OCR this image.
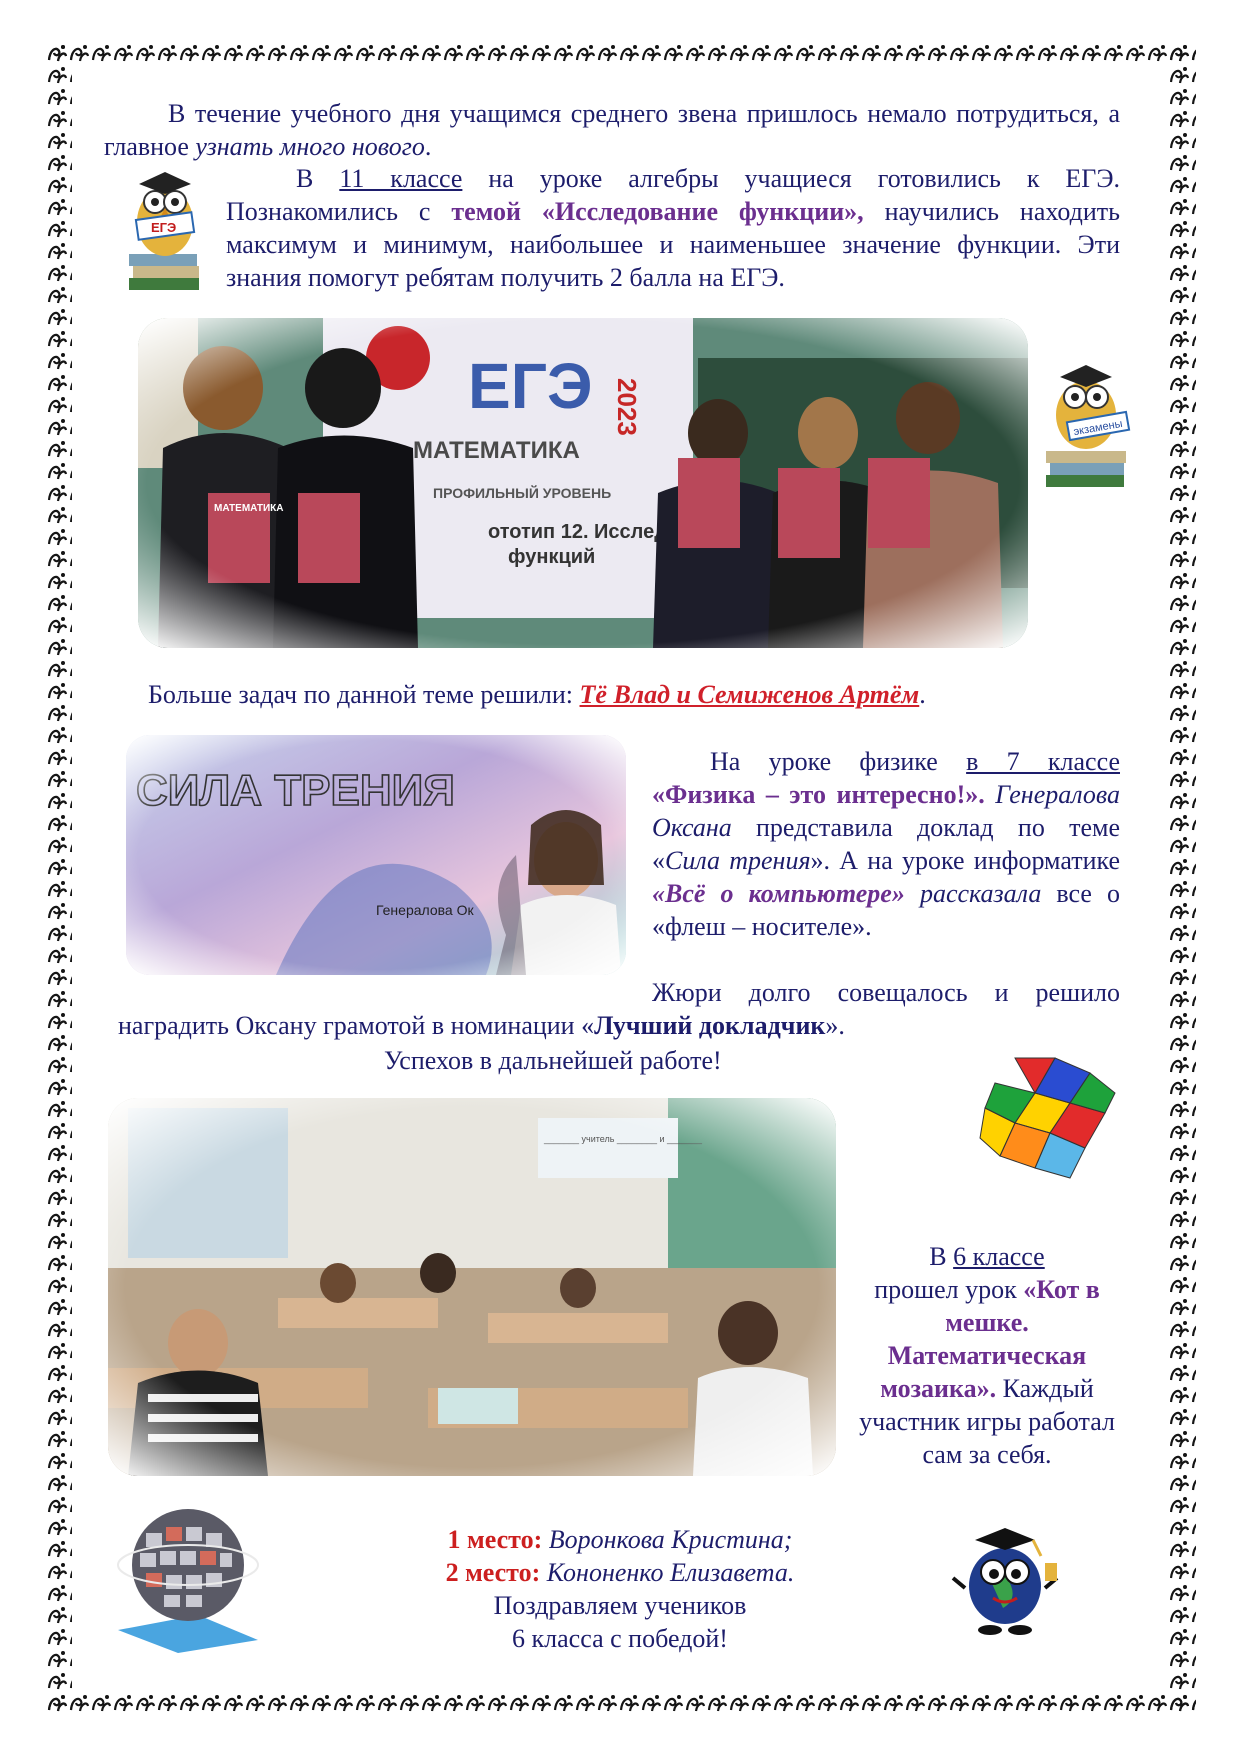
В течение учебного дня учащимся среднего звена пришлось немало потрудиться, а главное узнать много нового.
ЕГЭ
В 11 классе на уроке алгебры учащиеся готовились к ЕГЭ. Познакомились с темой «Исследование функции», научились находить максимум и минимум, наибольшее и наименьшее значение функции. Эти знания помогут ребятам получить 2 балла на ЕГЭ.
экзамены
Больше задач по данной теме решили: Тё Влад и Семиженов Артём.
На уроке физике в 7 классе «Физика – это интересно!». Генералова Оксана представила доклад по теме «Сила трения». А на уроке информатике «Всё о компьютере» рассказала все о «флеш – носителе».
Жюри долго совещалось и решило
наградить Оксану грамотой в номинации «Лучший докладчик».
Успехов в дальнейшей работе!
В 6 классе
прошел урок «Кот в мешке. Математическая мозаика». Каждый участник игры работал сам за себя.
1 место: Воронкова Кристина;
2 место: Кононенко Елизавета.
Поздравляем учеников
6 класса с победой!
